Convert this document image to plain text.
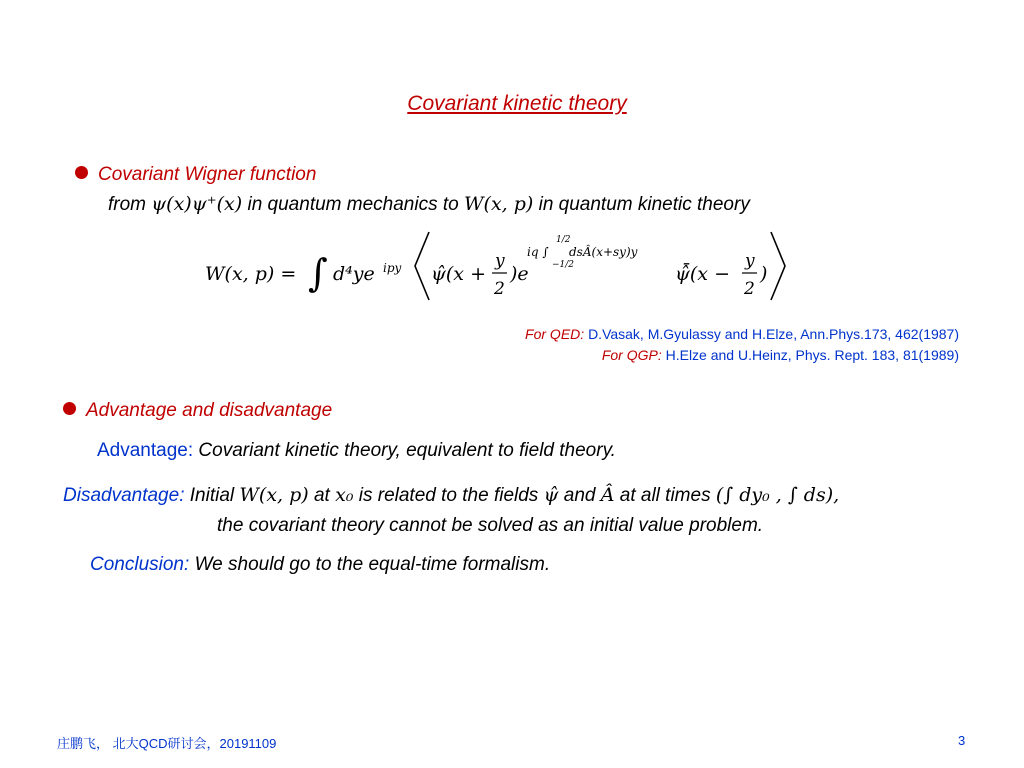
Covariant kinetic theory
Covariant Wigner function
from ψ(x)ψ⁺(x) in quantum mechanics to W(x, p) in quantum kinetic theory
W(x, p) = ∫ d⁴ye ipy ψ̂(x +
y
2
)e
iq ∫
1/2
−1/2
dsÂ(x+sy)y
ψ̂̄(x −
y
2
)
For QED: D.Vasak, M.Gyulassy and H.Elze, Ann.Phys.173, 462(1987)
For QGP: H.Elze and U.Heinz, Phys. Rept. 183, 81(1989)
Advantage and disadvantage
Advantage: Covariant kinetic theory, equivalent to field theory.
Disadvantage: Initial W(x, p) at x₀ is related to the fields ψ̂ and Â at all times (∫ dy₀ , ∫ ds),
the covariant theory cannot be solved as an initial value problem.
Conclusion: We should go to the equal-time formalism.
庄鹏飞， 北大QCD研讨会，20191109	3
